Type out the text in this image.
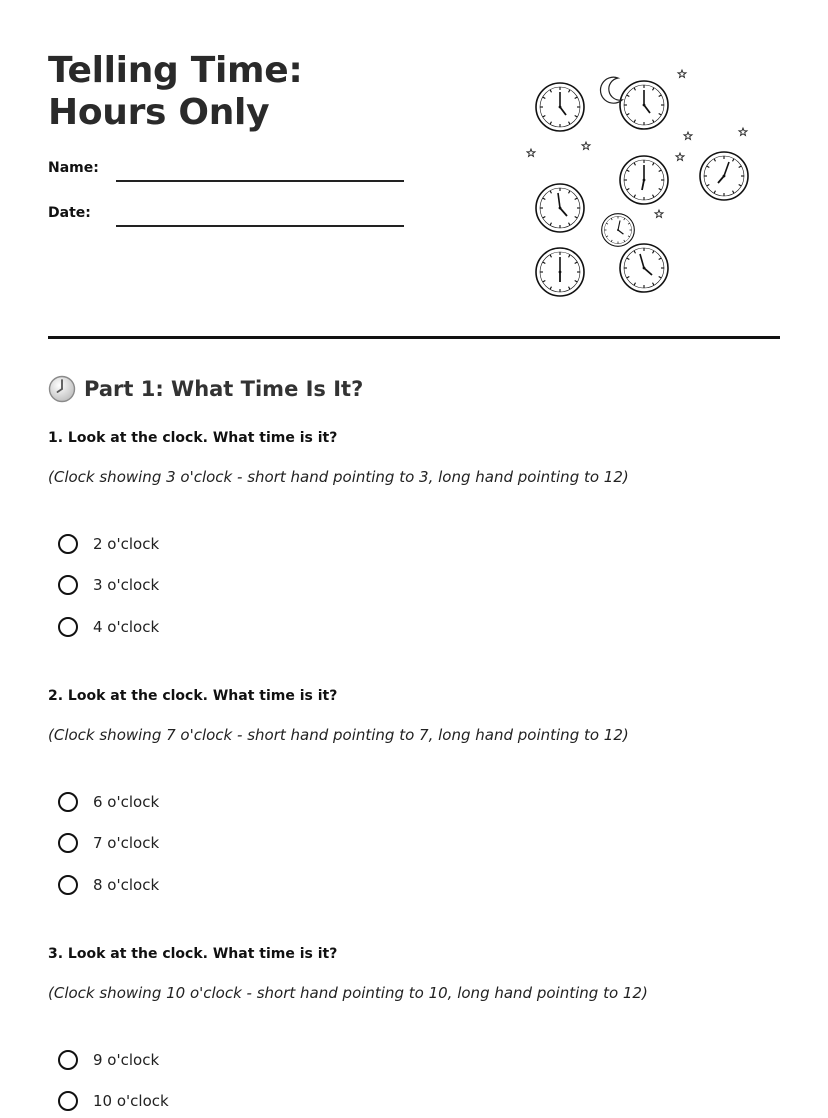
Telling Time: Hours Only
Name:
Date:
Part 1: What Time Is It?
1. Look at the clock. What time is it?
(Clock showing 3 o'clock - short hand pointing to 3, long hand pointing to 12)
2 o'clock
3 o'clock
4 o'clock
2. Look at the clock. What time is it?
(Clock showing 7 o'clock - short hand pointing to 7, long hand pointing to 12)
6 o'clock
7 o'clock
8 o'clock
3. Look at the clock. What time is it?
(Clock showing 10 o'clock - short hand pointing to 10, long hand pointing to 12)
9 o'clock
10 o'clock
